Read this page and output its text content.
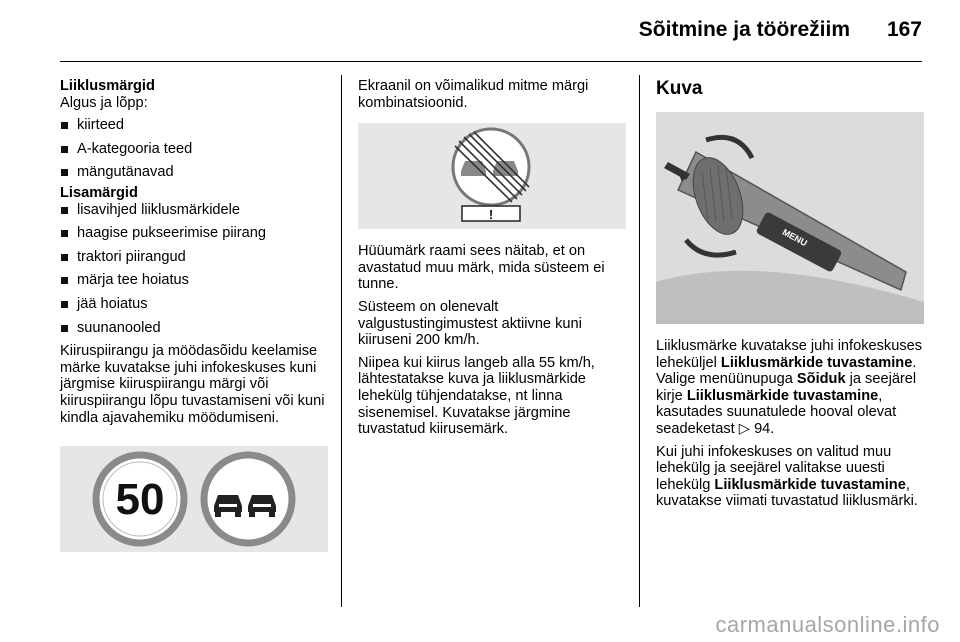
Sõitmine ja töörežiim	167
Liiklusmärgid
Algus ja lõpp:
kiirteed
A-kategooria teed
mängutänavad
Lisamärgid
lisavihjed liiklusmärkidele
haagise pukseerimise piirang
traktori piirangud
märja tee hoiatus
jää hoiatus
suunanooled

Kiiruspiirangu ja möödasõidu keelamise märke kuvatakse juhi infokeskuses kuni järgmise kiiruspiirangu märgi või kiiruspiirangu lõpu tuvastamiseni või kuni kindla ajavahemiku möödumiseni.

50

Ekraanil on võimalikud mitme märgi kombinatsioonid.

!

Hüüumärk raami sees näitab, et on avastatud muu märk, mida süsteem ei tunne.

Süsteem on olenevalt valgustustingimustest aktiivne kuni kiiruseni 200 km/h.

Niipea kui kiirus langeb alla 55 km/h, lähtestatakse kuva ja liiklusmärkide lehekülg tühjendatakse, nt linna sisenemisel. Kuvatakse järgmine tuvastatud kiirusemärk.

Kuva
MENU

Liiklusmärke kuvatakse juhi infokeskuses leheküljel Liiklusmärkide tuvastamine. Valige menüünupuga Sõiduk ja seejärel kirje Liiklusmärkide tuvastamine, kasutades suunatulede hooval olevat seadeketast ▷ 94.

Kui juhi infokeskuses on valitud muu lehekülg ja seejärel valitakse uuesti lehekülg Liiklusmärkide tuvastamine, kuvatakse viimati tuvastatud liiklusmärki.

carmanualsonline.info
